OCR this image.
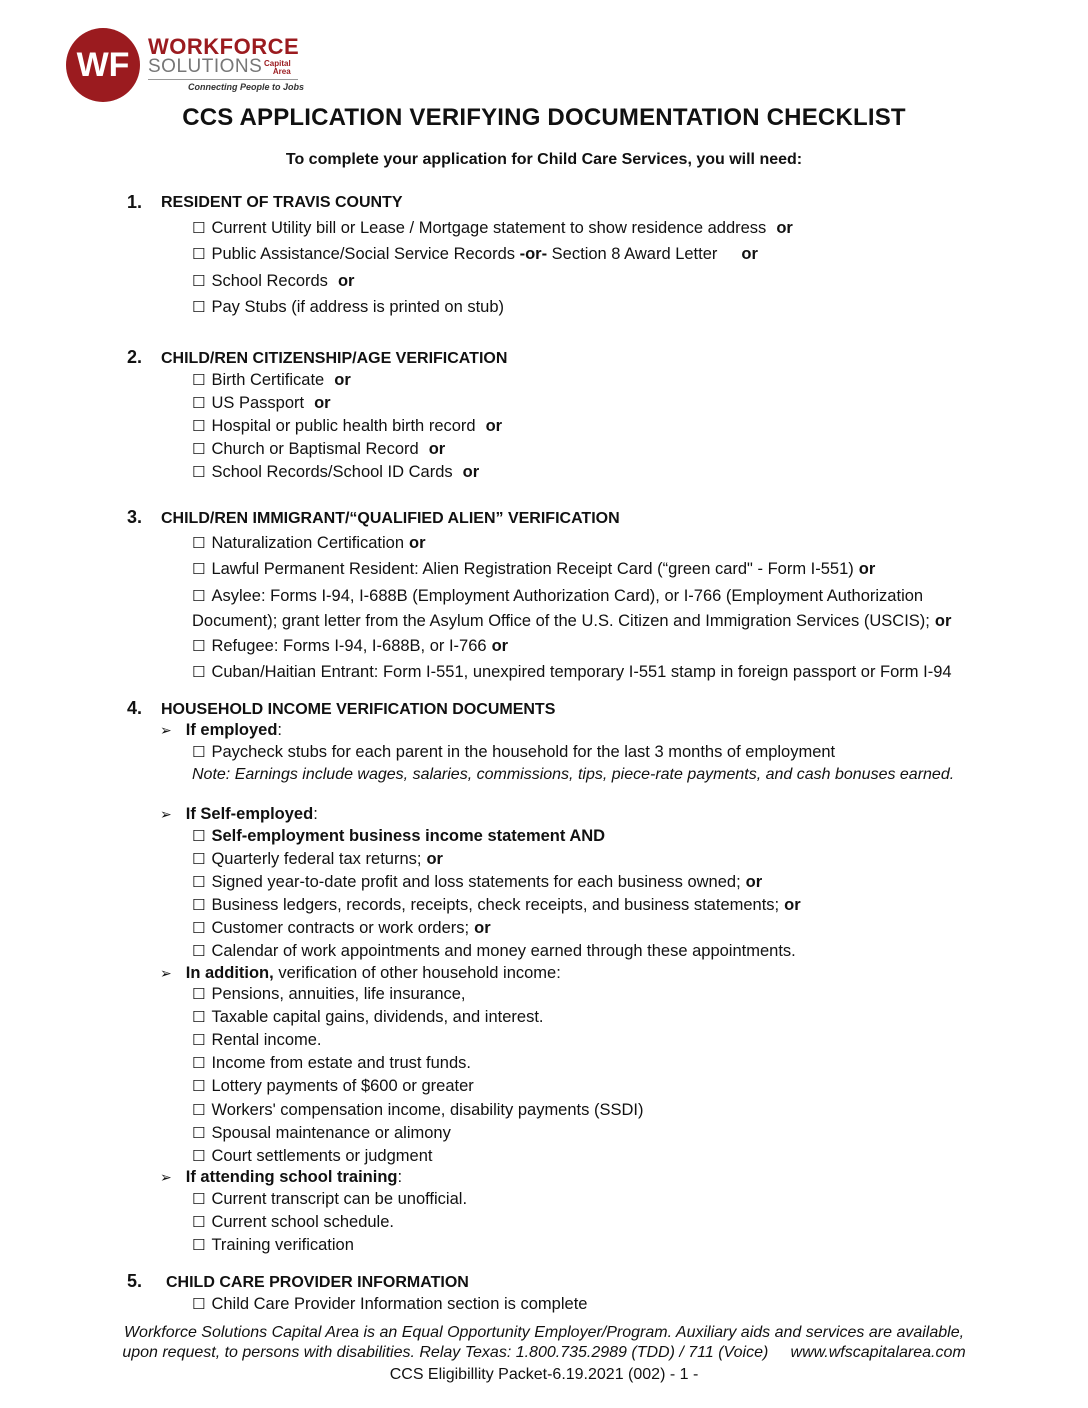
WF WORKFORCE
SOLUTIONS Capital
Area
Connecting People to Jobs
CCS APPLICATION VERIFYING DOCUMENTATION CHECKLIST
To complete your application for Child Care Services, you will need:
1. RESIDENT OF TRAVIS COUNTY
☐ Current Utility bill or Lease / Mortgage statement to show residence address or
☐ Public Assistance/Social Service Records -or- Section 8 Award Letter or
☐ School Records or
☐ Pay Stubs (if address is printed on stub)
2. CHILD/REN CITIZENSHIP/AGE VERIFICATION
☐ Birth Certificate or
☐ US Passport or
☐ Hospital or public health birth record or
☐ Church or Baptismal Record or
☐ School Records/School ID Cards or
3. CHILD/REN IMMIGRANT/“QUALIFIED ALIEN” VERIFICATION
☐ Naturalization Certification or
☐ Lawful Permanent Resident: Alien Registration Receipt Card (“green card" - Form I-551) or
☐ Asylee: Forms I-94, I-688B (Employment Authorization Card), or I-766 (Employment Authorization
Document); grant letter from the Asylum Office of the U.S. Citizen and Immigration Services (USCIS); or
☐ Refugee: Forms I-94, I-688B, or I-766 or
☐ Cuban/Haitian Entrant: Form I-551, unexpired temporary I-551 stamp in foreign passport or Form I-94
4. HOUSEHOLD INCOME VERIFICATION DOCUMENTS
➢ If employed:
☐ Paycheck stubs for each parent in the household for the last 3 months of employment
Note: Earnings include wages, salaries, commissions, tips, piece-rate payments, and cash bonuses earned.
➢ If Self-employed:
☐ Self-employment business income statement AND
☐ Quarterly federal tax returns; or
☐ Signed year-to-date profit and loss statements for each business owned; or
☐ Business ledgers, records, receipts, check receipts, and business statements; or
☐ Customer contracts or work orders; or
☐ Calendar of work appointments and money earned through these appointments.
➢ In addition, verification of other household income:
☐ Pensions, annuities, life insurance,
☐ Taxable capital gains, dividends, and interest.
☐ Rental income.
☐ Income from estate and trust funds.
☐ Lottery payments of $600 or greater
☐ Workers' compensation income, disability payments (SSDI)
☐ Spousal maintenance or alimony
☐ Court settlements or judgment
➢ If attending school training:
☐ Current transcript can be unofficial.
☐ Current school schedule.
☐ Training verification
5. CHILD CARE PROVIDER INFORMATION
☐ Child Care Provider Information section is complete
Workforce Solutions Capital Area is an Equal Opportunity Employer/Program. Auxiliary aids and services are available,
upon request, to persons with disabilities. Relay Texas: 1.800.735.2989 (TDD) / 711 (Voice)     www.wfscapitalarea.com
CCS Eligibillity Packet-6.19.2021 (002) - 1 -
